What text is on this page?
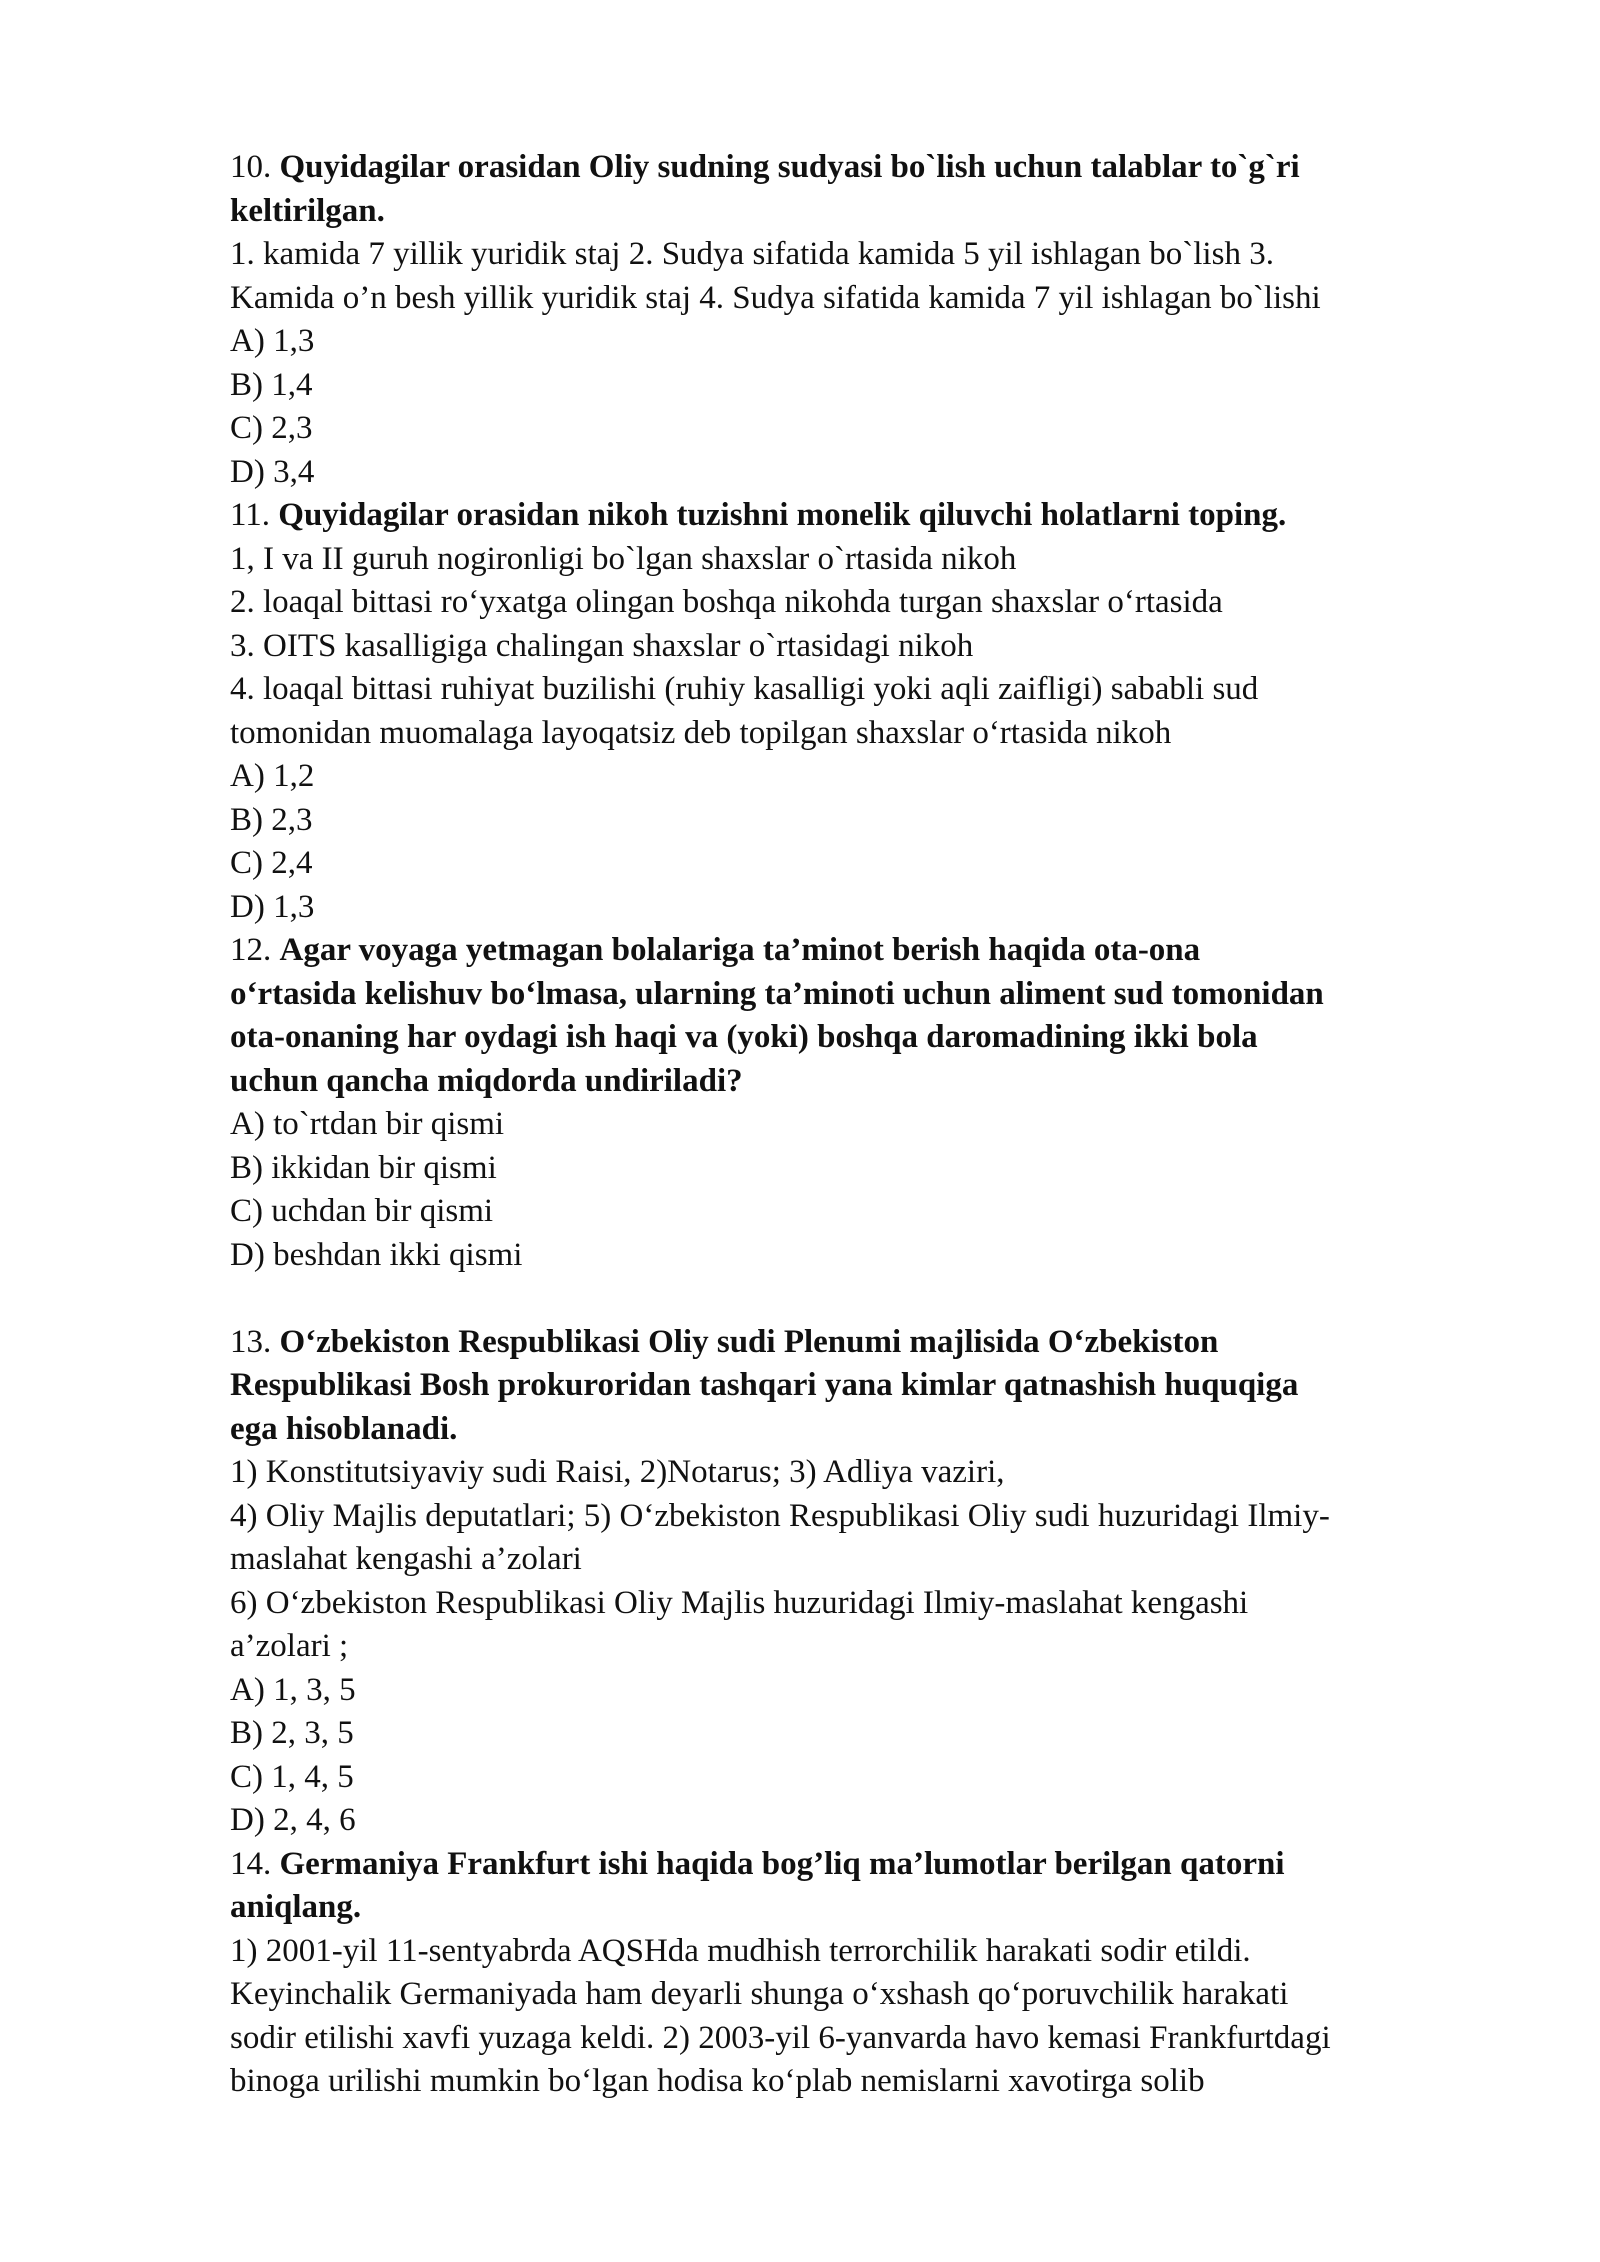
10. Quyidagilar orasidan Oliy sudning sudyasi bo`lish uchun talablar to`g`ri
keltirilgan.
1. kamida 7 yillik yuridik staj 2. Sudya sifatida kamida 5 yil ishlagan bo`lish 3.
Kamida o’n besh yillik yuridik staj 4. Sudya sifatida kamida 7 yil ishlagan bo`lishi
A) 1,3
B) 1,4
C) 2,3
D) 3,4
11. Quyidagilar orasidan nikoh tuzishni monelik qiluvchi holatlarni toping.
1, I va II guruh nogironligi bo`lgan shaxslar o`rtasida nikoh
2. loaqal bittasi ro‘yxatga olingan boshqa nikohda turgan shaxslar o‘rtasida
3. OITS kasalligiga chalingan shaxslar o`rtasidagi nikoh
4. loaqal bittasi ruhiyat buzilishi (ruhiy kasalligi yoki aqli zaifligi) sababli sud
tomonidan muomalaga layoqatsiz deb topilgan shaxslar o‘rtasida nikoh
A) 1,2
B) 2,3
C) 2,4
D) 1,3
12. Agar voyaga yetmagan bolalariga ta’minot berish haqida ota-ona
o‘rtasida kelishuv bo‘lmasa, ularning ta’minoti uchun aliment sud tomonidan
ota-onaning har oydagi ish haqi va (yoki) boshqa daromadining ikki bola
uchun qancha miqdorda undiriladi?
A) to`rtdan bir qismi
B) ikkidan bir qismi
C) uchdan bir qismi
D) beshdan ikki qismi
13. O‘zbekiston Respublikasi Oliy sudi Plenumi majlisida O‘zbekiston
Respublikasi Bosh prokuroridan tashqari yana kimlar qatnashish huquqiga
ega hisoblanadi.
1) Konstitutsiyaviy sudi Raisi, 2)Notarus; 3) Adliya vaziri,
4) Oliy Majlis deputatlari; 5) O‘zbekiston Respublikasi Oliy sudi huzuridagi Ilmiy-
maslahat kengashi a’zolari
6) O‘zbekiston Respublikasi Oliy Majlis huzuridagi Ilmiy-maslahat kengashi
a’zolari ;
A) 1, 3, 5
B) 2, 3, 5
C) 1, 4, 5
D) 2, 4, 6
14. Germaniya Frankfurt ishi haqida bog’liq ma’lumotlar berilgan qatorni
aniqlang.
1) 2001-yil 11-sentyabrda AQSHda mudhish terrorchilik harakati sodir etildi.
Keyinchalik Germaniyada ham deyarli shunga o‘xshash qo‘poruvchilik harakati
sodir etilishi xavfi yuzaga keldi. 2) 2003-yil 6-yanvarda havo kemasi Frankfurtdagi
binoga urilishi mumkin bo‘lgan hodisa ko‘plab nemislarni xavotirga solib
